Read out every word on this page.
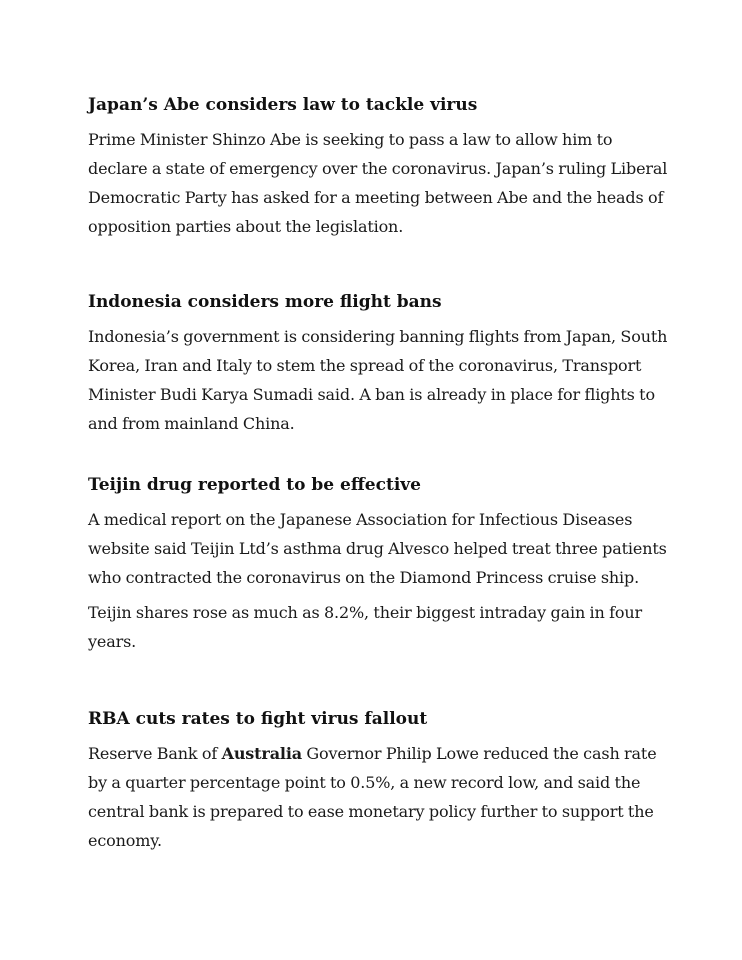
Japan’s Abe considers law to tackle virus

Prime Minister Shinzo Abe is seeking to pass a law to allow him to declare a state of emergency over the coronavirus. Japan’s ruling Liberal Democratic Party has asked for a meeting between Abe and the heads of opposition parties about the legislation.

Indonesia considers more flight bans

Indonesia’s government is considering banning flights from Japan, South Korea, Iran and Italy to stem the spread of the coronavirus, Transport Minister Budi Karya Sumadi said. A ban is already in place for flights to and from mainland China.

Teijin drug reported to be effective

A medical report on the Japanese Association for Infectious Diseases website said Teijin Ltd’s asthma drug Alvesco helped treat three patients who contracted the coronavirus on the Diamond Princess cruise ship.

Teijin shares rose as much as 8.2%, their biggest intraday gain in four years.

RBA cuts rates to fight virus fallout

Reserve Bank of Australia Governor Philip Lowe reduced the cash rate by a quarter percentage point to 0.5%, a new record low, and said the central bank is prepared to ease monetary policy further to support the economy.
